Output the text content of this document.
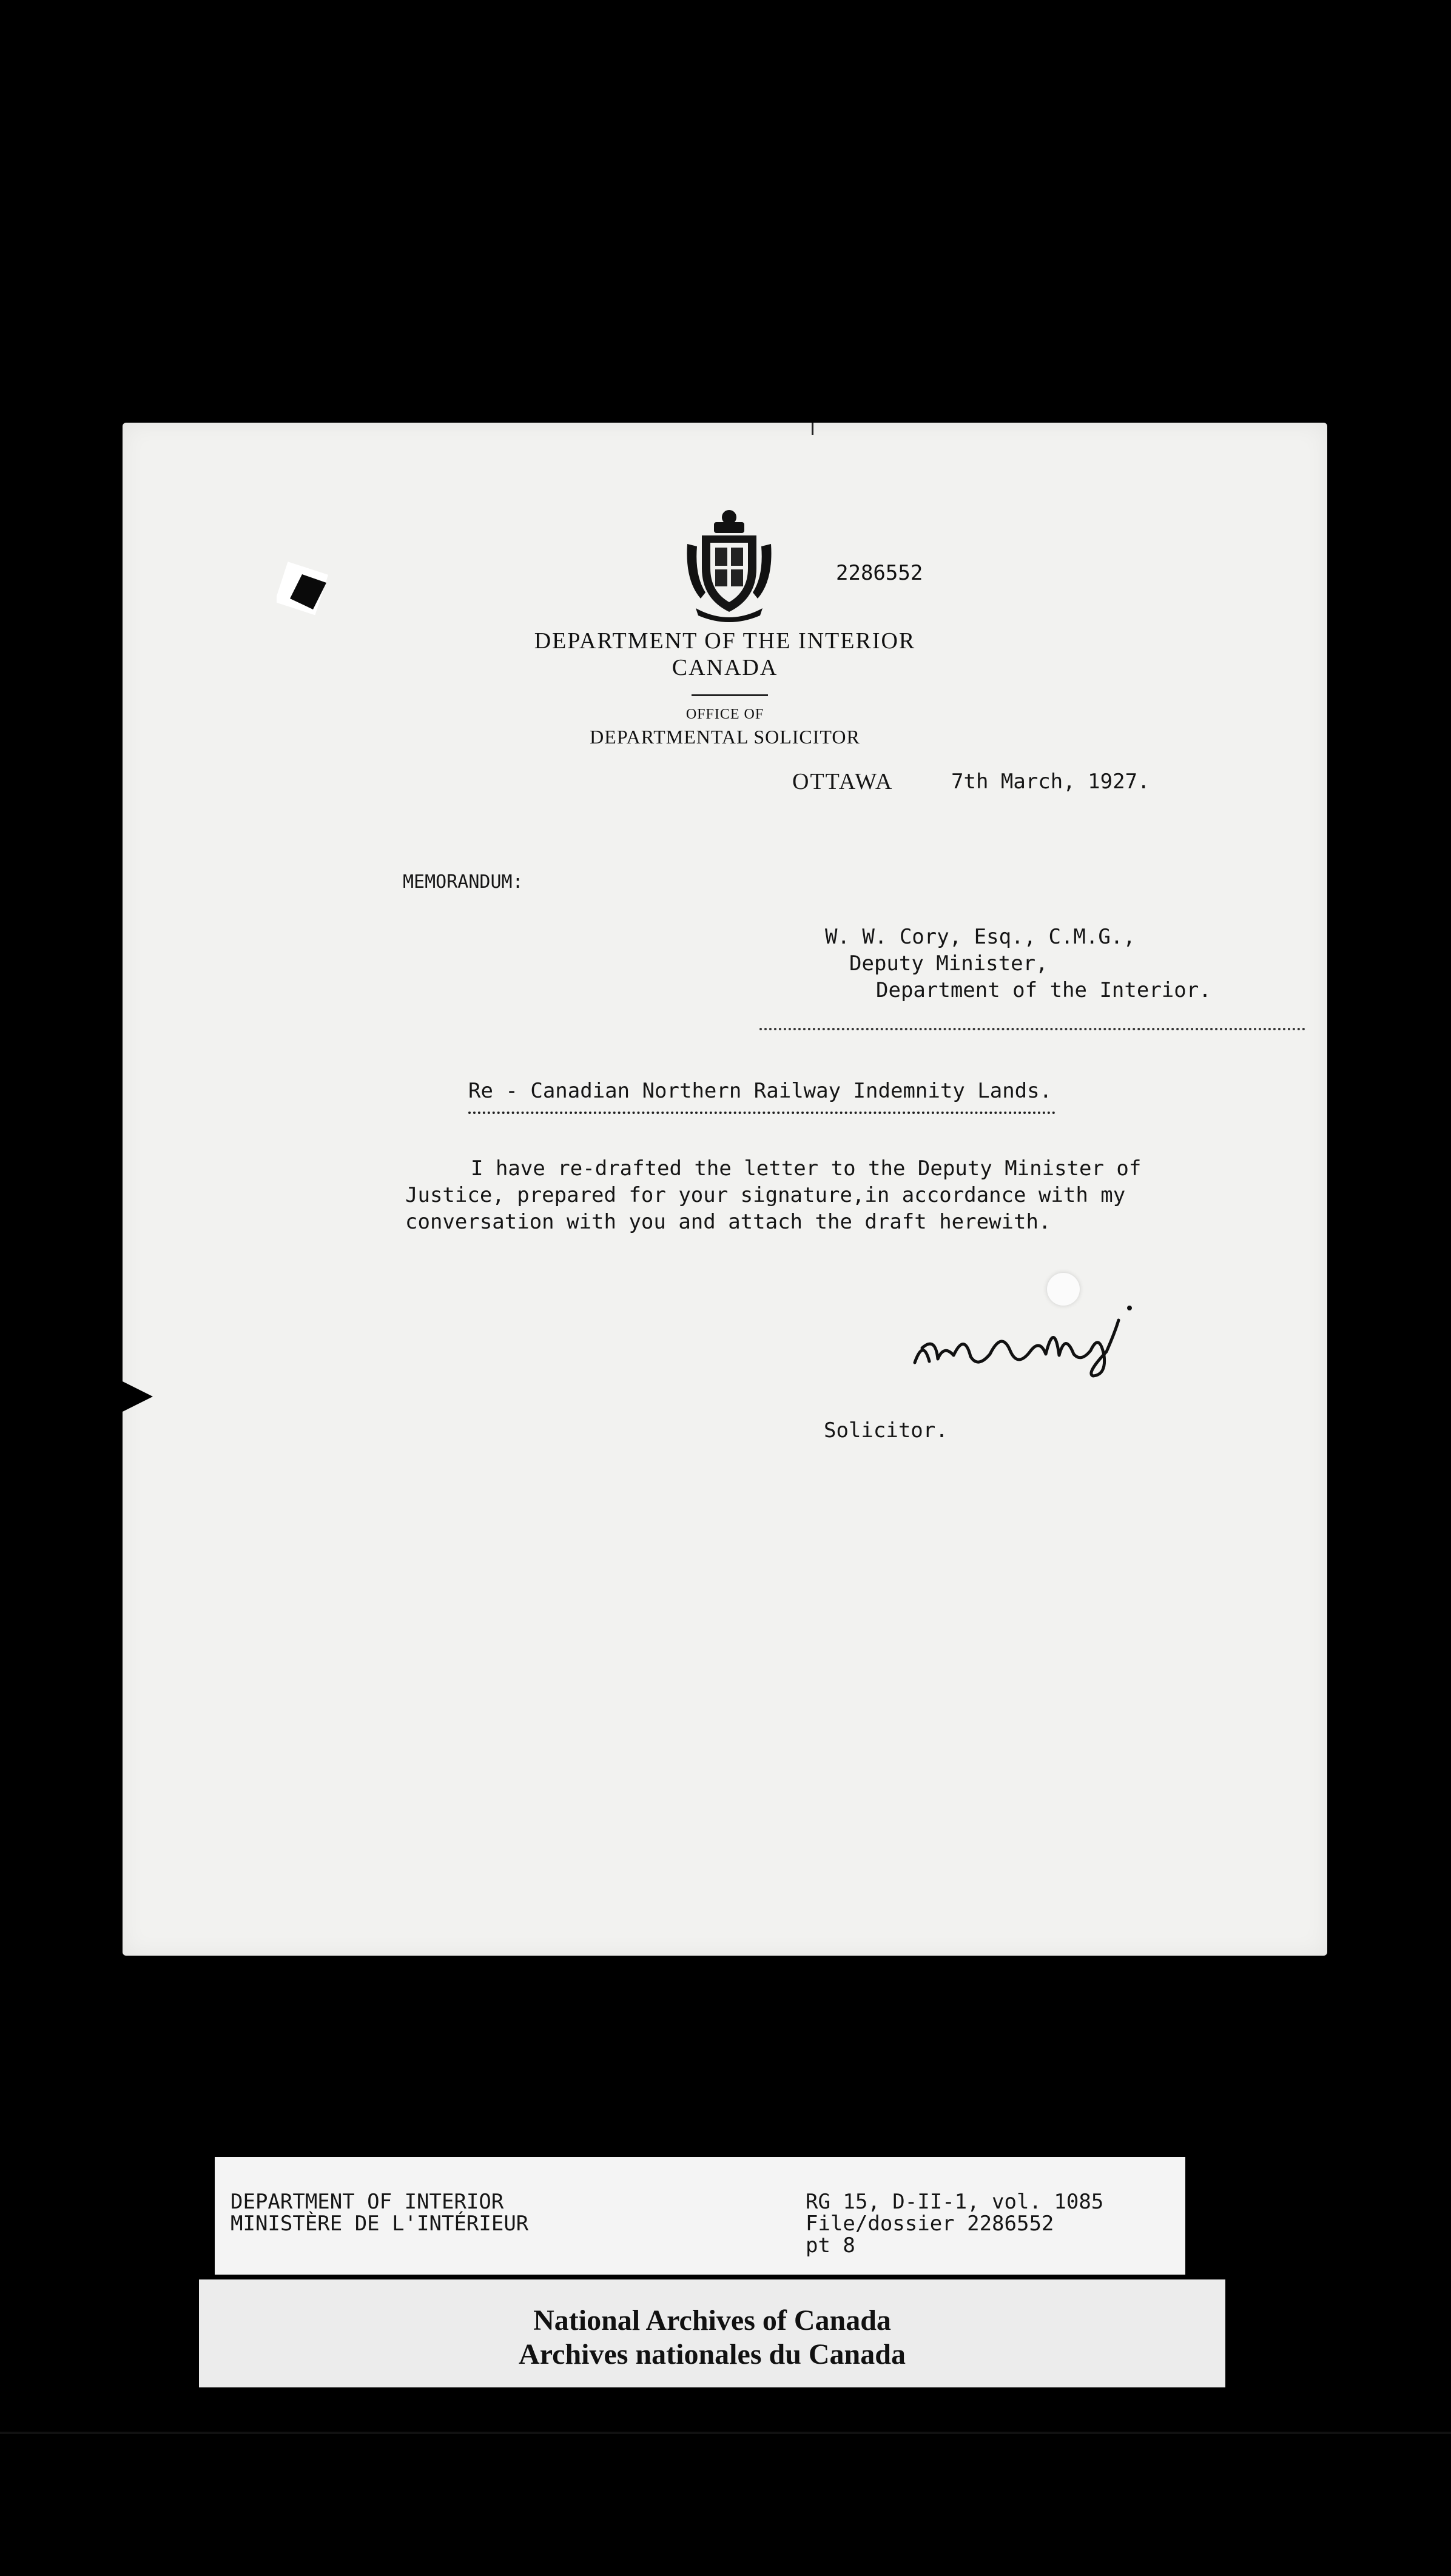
2286552
DEPARTMENT OF THE INTERIOR
CANADA
OFFICE OF
DEPARTMENTAL SOLICITOR
OTTAWA	7th March, 1927.
MEMORANDUM:
W. W. Cory, Esq., C.M.G.,
Deputy Minister,
Department of the Interior.
Re - Canadian Northern Railway Indemnity Lands.
I have re-drafted the letter to the Deputy Minister of
Justice, prepared for your signature,in accordance with my
conversation with you and attach the draft herewith.
Solicitor.
DEPARTMENT OF INTERIOR
MINISTÈRE DE L'INTÉRIEUR
RG 15, D-II-1, vol. 1085
File/dossier 2286552
pt 8
National Archives of Canada
Archives nationales du Canada
